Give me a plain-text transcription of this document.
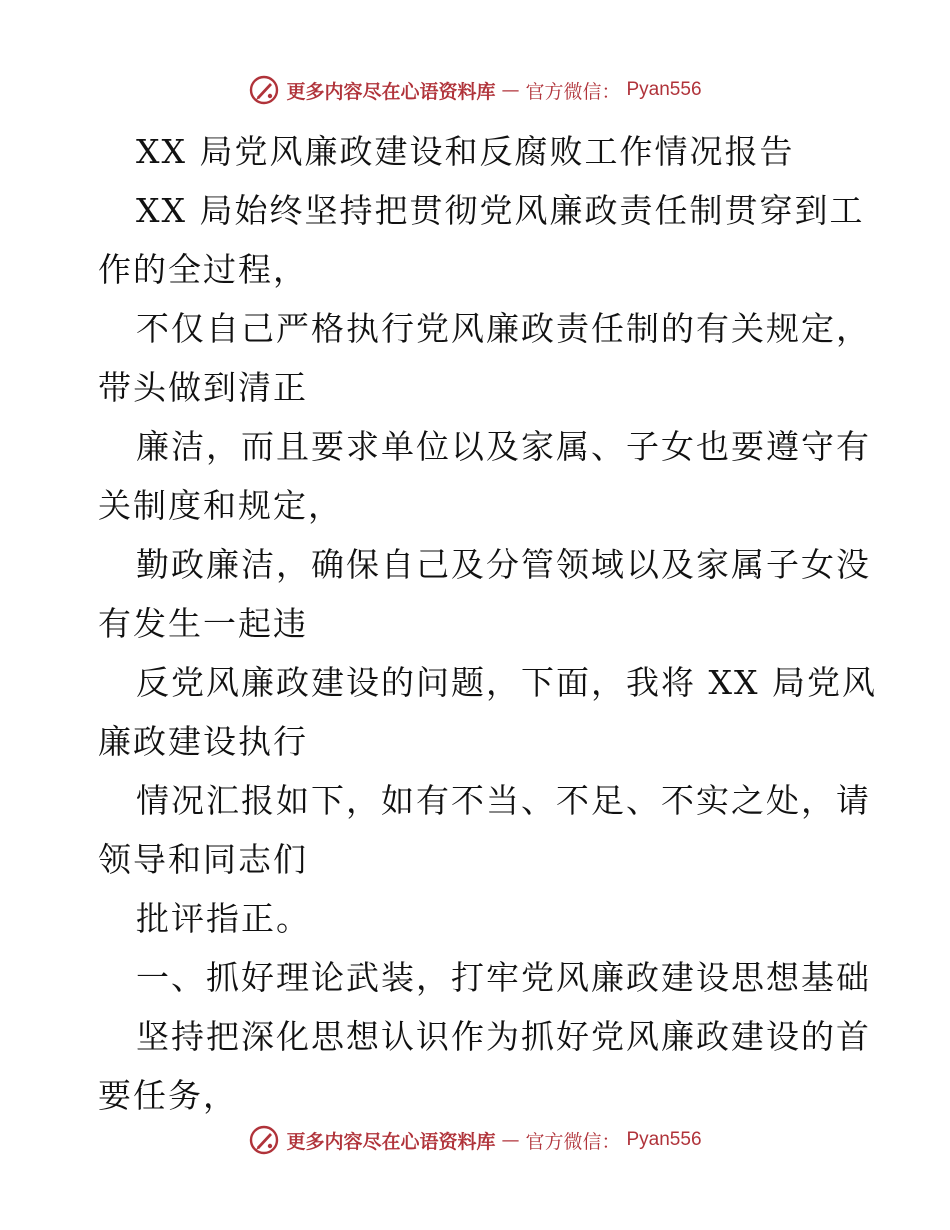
更多内容尽在心语资料库 — 官方微信： Pyan556
XX 局党风廉政建设和反腐败工作情况报告
XX 局始终坚持把贯彻党风廉政责任制贯穿到工
作的全过程，
不仅自己严格执行党风廉政责任制的有关规定，
带头做到清正
廉洁，而且要求单位以及家属、子女也要遵守有
关制度和规定，
勤政廉洁，确保自己及分管领域以及家属子女没
有发生一起违
反党风廉政建设的问题，下面，我将 XX 局党风
廉政建设执行
情况汇报如下，如有不当、不足、不实之处，请
领导和同志们
批评指正。
一、抓好理论武装，打牢党风廉政建设思想基础
坚持把深化思想认识作为抓好党风廉政建设的首
要任务，
更多内容尽在心语资料库 — 官方微信： Pyan556
